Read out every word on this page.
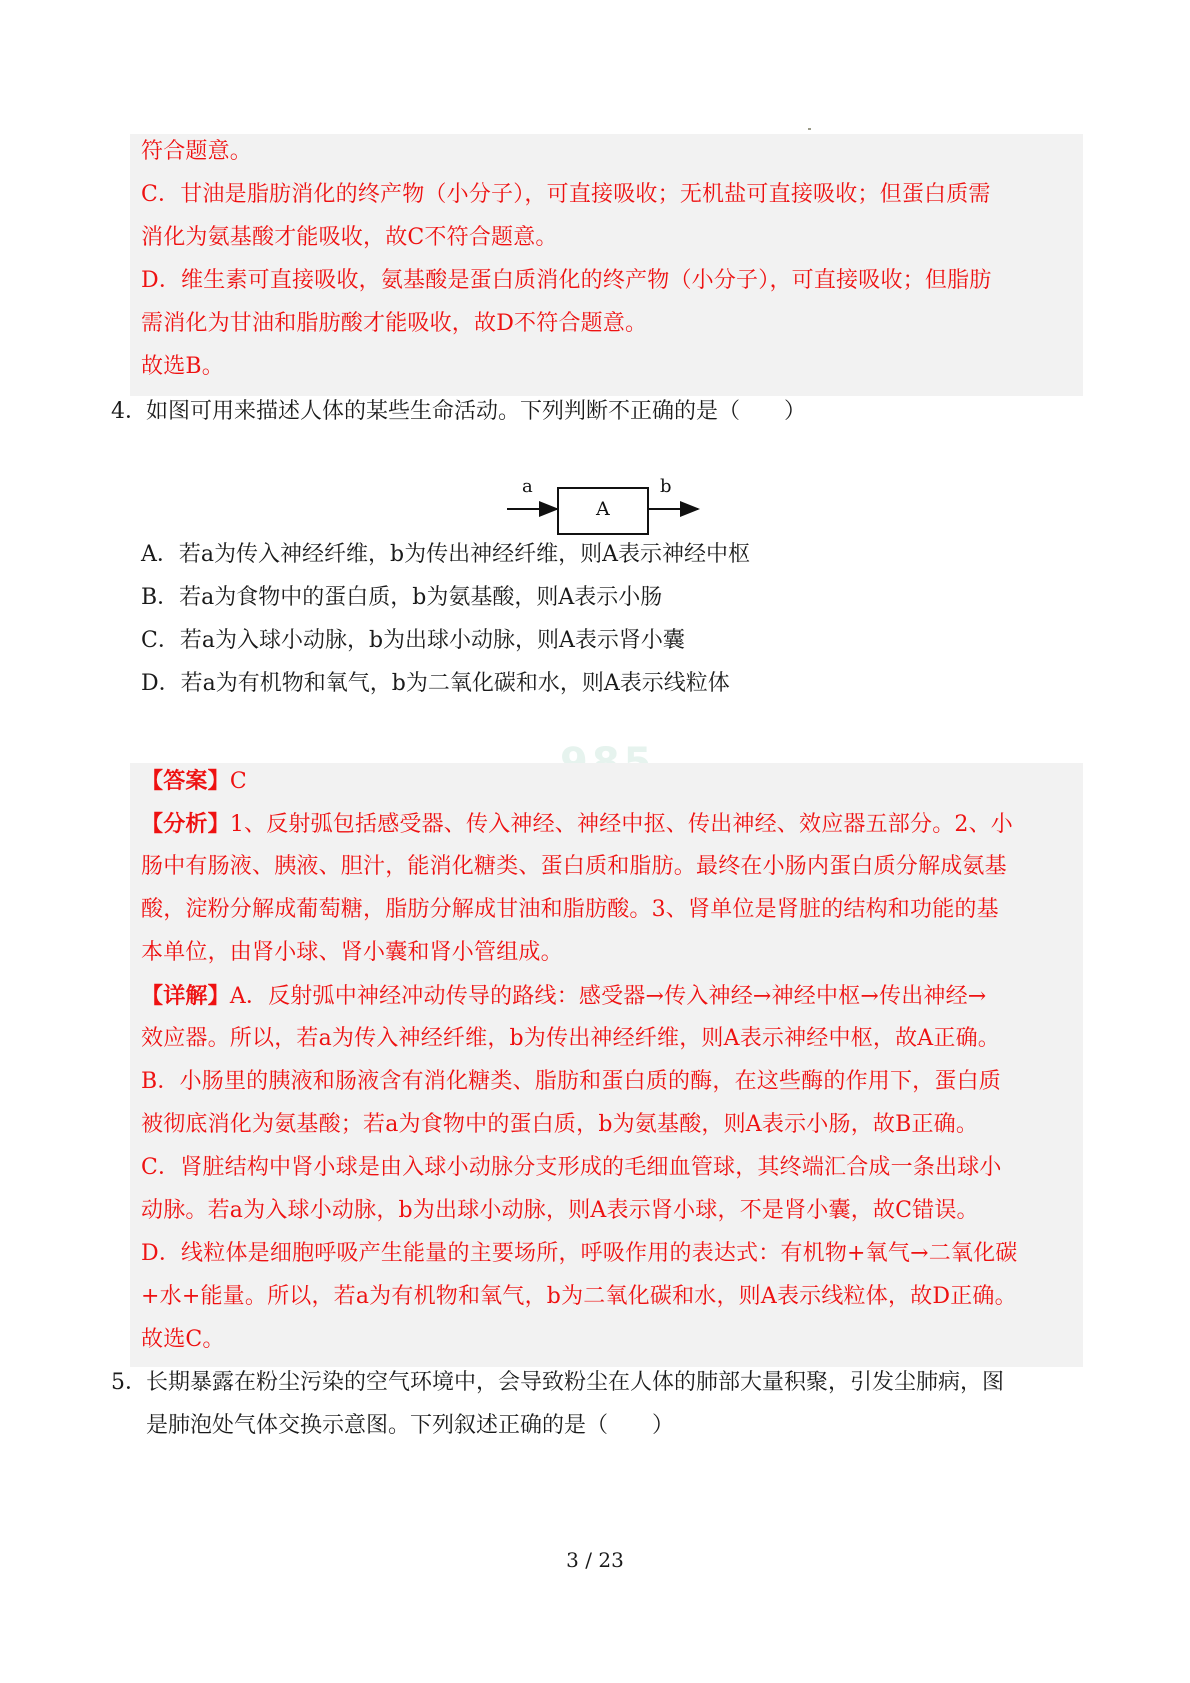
符合题意。
C．甘油是脂肪消化的终产物（小分子），可直接吸收；无机盐可直接吸收；但蛋白质需
消化为氨基酸才能吸收，故C不符合题意。
D．维生素可直接吸收，氨基酸是蛋白质消化的终产物（小分子），可直接吸收；但脂肪
需消化为甘油和脂肪酸才能吸收，故D不符合题意。
故选B。
4． 如图可用来描述人体的某些生命活动。下列判断不正确的是（　　）
a
A
b
A．若a为传入神经纤维，b为传出神经纤维，则A表示神经中枢
B．若a为食物中的蛋白质，b为氨基酸，则A表示小肠
C．若a为入球小动脉，b为出球小动脉，则A表示肾小囊
D．若a为有机物和氧气，b为二氧化碳和水，则A表示线粒体
【答案】C
【分析】1、反射弧包括感受器、传入神经、神经中抠、传出神经、效应器五部分。2、小
肠中有肠液、胰液、胆汁，能消化糖类、蛋白质和脂肪。最终在小肠内蛋白质分解成氨基
酸，淀粉分解成葡萄糖，脂肪分解成甘油和脂肪酸。3、肾单位是肾脏的结构和功能的基
本单位，由肾小球、肾小囊和肾小管组成。
【详解】A．反射弧中神经冲动传导的路线：感受器→传入神经→神经中枢→传出神经→
效应器。所以，若a为传入神经纤维，b为传出神经纤维，则A表示神经中枢，故A正确。
B．小肠里的胰液和肠液含有消化糖类、脂肪和蛋白质的酶，在这些酶的作用下，蛋白质
被彻底消化为氨基酸；若a为食物中的蛋白质，b为氨基酸，则A表示小肠，故B正确。
C．肾脏结构中肾小球是由入球小动脉分支形成的毛细血管球，其终端汇合成一条出球小
动脉。若a为入球小动脉，b为出球小动脉，则A表示肾小球，不是肾小囊，故C错误。
D．线粒体是细胞呼吸产生能量的主要场所，呼吸作用的表达式：有机物+氧气→二氧化碳
+水+能量。所以，若a为有机物和氧气，b为二氧化碳和水，则A表示线粒体，故D正确。
故选C。
5． 长期暴露在粉尘污染的空气环境中，会导致粉尘在人体的肺部大量积聚，引发尘肺病，图
是肺泡处气体交换示意图。下列叙述正确的是（　　）
3 / 23
